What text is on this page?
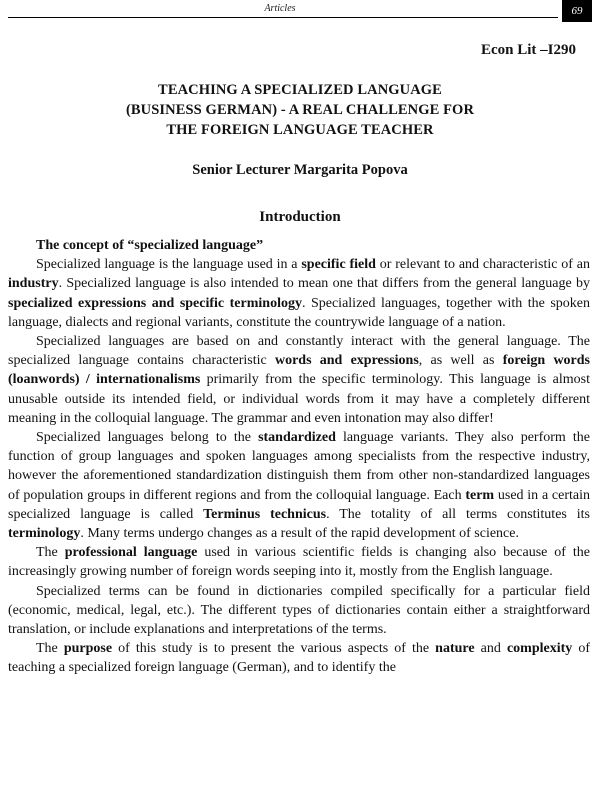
Articles	69
Econ Lit –I290
TEACHING A SPECIALIZED LANGUAGE
(BUSINESS GERMAN) - A REAL CHALLENGE FOR
THE FOREIGN LANGUAGE TEACHER
Senior Lecturer Margarita Popova
Introduction

The concept of “specialized language”

Specialized language is the language used in a specific field or relevant to and characteristic of an industry. Specialized language is also intended to mean one that differs from the general language by specialized expressions and specific terminology. Specialized languages, together with the spoken language, dialects and regional variants, constitute the countrywide language of a nation.

Specialized languages are based on and constantly interact with the general language. The specialized language contains characteristic words and expressions, as well as foreign words (loanwords) / internationalisms primarily from the specific terminology. This language is almost unusable outside its intended field, or individual words from it may have a completely different meaning in the colloquial language. The grammar and even intonation may also differ!

Specialized languages belong to the standardized language variants. They also perform the function of group languages and spoken languages among specialists from the respective industry, however the aforementioned standardization distinguish them from other non-standardized languages of population groups in different regions and from the colloquial language. Each term used in a certain specialized language is called Terminus technicus. The totality of all terms constitutes its terminology. Many terms undergo changes as a result of the rapid development of science.

The professional language used in various scientific fields is changing also because of the increasingly growing number of foreign words seeping into it, mostly from the English language.

Specialized terms can be found in dictionaries compiled specifically for a particular field (economic, medical, legal, etc.). The different types of dictionaries contain either a straightforward translation, or include explanations and interpretations of the terms.

The purpose of this study is to present the various aspects of the nature and complexity of teaching a specialized foreign language (German), and to identify the
